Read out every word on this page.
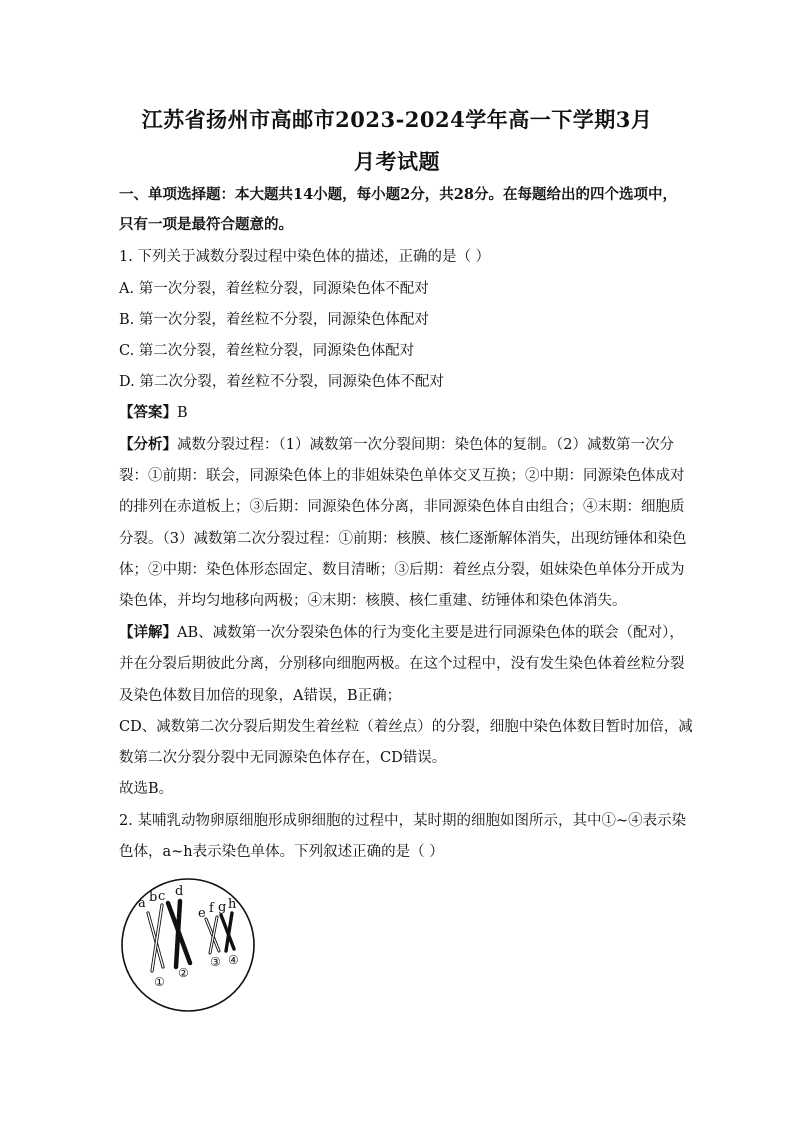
江苏省扬州市高邮市2023-2024学年高一下学期3月
月考试题
一、单项选择题：本大题共14小题，每小题2分，共28分。在每题给出的四个选项中，
只有一项是最符合题意的。
1. 下列关于减数分裂过程中染色体的描述，正确的是（ ）
A. 第一次分裂，着丝粒分裂，同源染色体不配对
B. 第一次分裂，着丝粒不分裂，同源染色体配对
C. 第二次分裂，着丝粒分裂，同源染色体配对
D. 第二次分裂，着丝粒不分裂，同源染色体不配对
【答案】B
【分析】减数分裂过程：（1）减数第一次分裂间期：染色体的复制。（2）减数第一次分
裂：①前期：联会，同源染色体上的非姐妹染色单体交叉互换；②中期：同源染色体成对
的排列在赤道板上；③后期：同源染色体分离，非同源染色体自由组合；④末期：细胞质
分裂。（3）减数第二次分裂过程：①前期：核膜、核仁逐渐解体消失，出现纺锤体和染色
体；②中期：染色体形态固定、数目清晰；③后期：着丝点分裂，姐妹染色单体分开成为
染色体，并均匀地移向两极；④末期：核膜、核仁重建、纺锤体和染色体消失。
【详解】AB、减数第一次分裂染色体的行为变化主要是进行同源染色体的联会（配对），
并在分裂后期彼此分离，分别移向细胞两极。在这个过程中，没有发生染色体着丝粒分裂
及染色体数目加倍的现象，A错误，B正确；
CD、减数第二次分裂后期发生着丝粒（着丝点）的分裂，细胞中染色体数目暂时加倍，减
数第二次分裂分裂中无同源染色体存在，CD错误。
故选B。
2. 某哺乳动物卵原细胞形成卵细胞的过程中，某时期的细胞如图所示，其中①~④表示染
色体，a~h表示染色单体。下列叙述正确的是（ ）
a b c d
e f g h
①
②
③ ④
